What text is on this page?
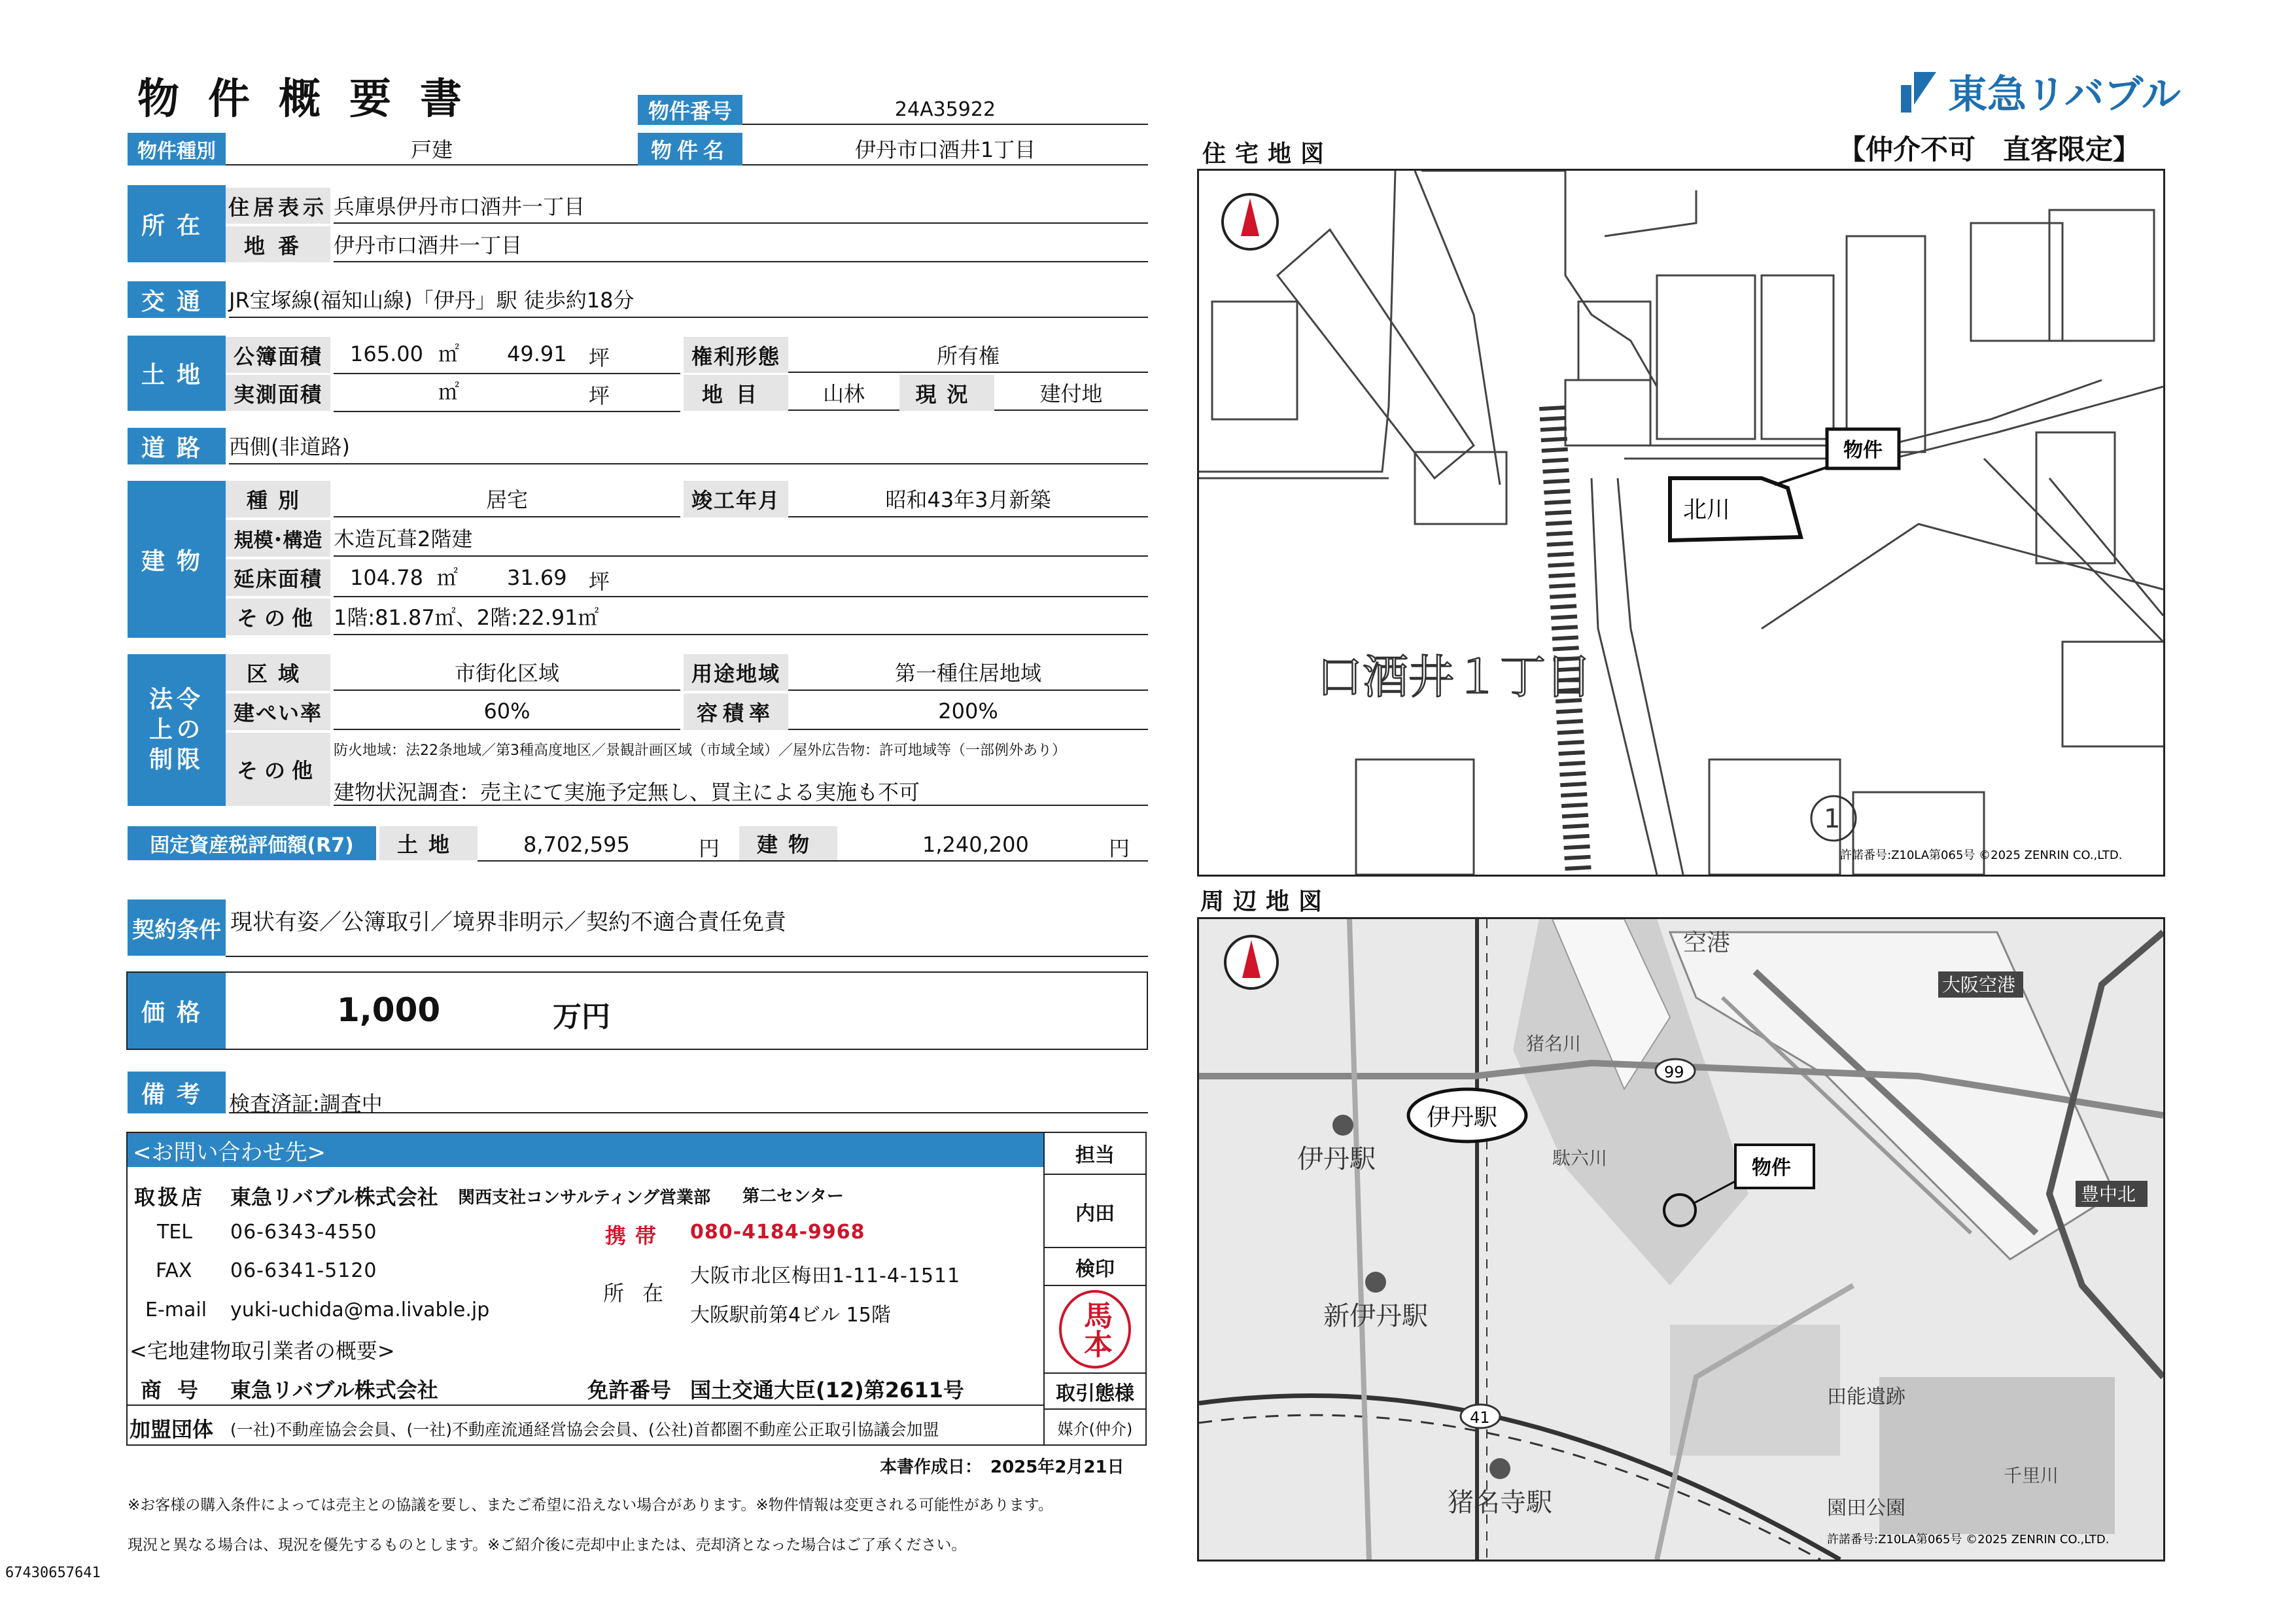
物件概要書	物件番号	24A35922	東急リバブル
【仲介不可　直客限定】
物件種別	戸建	物件名	伊丹市口酒井1丁目
所在
住居表示 兵庫県伊丹市口酒井一丁目
地番	伊丹市口酒井一丁目
交通 JR宝塚線(福知山線)「伊丹」駅 徒歩約18分
土地
公簿面積	165.00 ㎡ 49.91 坪	権利形態	所有権
実測面積	㎡	坪	地目	山林	現況	建付地
道路 西側(非道路)
建物
種別	居宅	竣工年月	昭和43年3月新築
規模･構造 木造瓦葺2階建
延床面積	104.78 ㎡ 31.69 坪
その他 1階:81.87㎡、2階:22.91㎡
法令上の制限
区域	市街化区域	用途地域	第一種住居地域
建ぺい率	60%	容積率	200%
その他
防火地域：法22条地域／第3種高度地区／景観計画区域（市域全域）／屋外広告物：許可地域等（一部例外あり）
建物状況調査：売主にて実施予定無し、買主による実施も不可
固定資産税評価額(R7)	土地	8,702,595	円	建物	1,240,200	円
契約条件 現状有姿／公簿取引／境界非明示／契約不適合責任免責
価格	1,000	万円
備考 検査済証:調査中
<お問い合わせ先>
取扱店 東急リバブル株式会社 関西支社コンサルティング営業部 第二センター
TEL 06-6343-4550	携帯 080-4184-9968
FAX 06-6341-5120
所在
大阪市北区梅田1-11-4-1511
大阪駅前第4ビル 15階
E-mail yuki-uchida@ma.livable.jp
<宅地建物取引業者の概要>
商号 東急リバブル株式会社	免許番号 国土交通大臣(12)第2611号
加盟団体 (一社)不動産協会会員、(一社)不動産流通経営協会会員、(公社)首都圏不動産公正取引協議会加盟
担当
内田
検印
馬本
取引態様
媒介(仲介)
本書作成日：　2025年2月21日
※お客様の購入条件によっては売主との協議を要し、またご希望に沿えない場合があります。※物件情報は変更される可能性があります。
現況と異なる場合は、現況を優先するものとします。※ご紹介後に売却中止または、売却済となった場合はご了承ください。
67430657641
住宅地図
北川
物件
口酒井１丁目
1
許諾番号:Z10LA第065号 ©2025 ZENRIN CO.,LTD.
周辺地図
伊丹駅
伊丹駅
新伊丹駅
猪名寺駅
物件
空港
大阪空港
豊中北
園田公園
田能遺跡
猪名川
千里川
駄六川
99
41
許諾番号:Z10LA第065号 ©2025 ZENRIN CO.,LTD.
